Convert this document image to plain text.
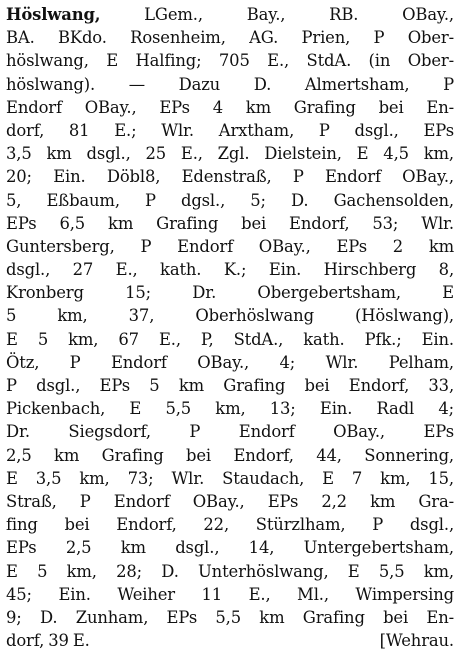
Höslwang, LGem., Bay., RB. OBay.,
BA. BKdo. Rosenheim, AG. Prien, P Ober-
höslwang, E Halfing; 705 E., StdA. (in Ober-
höslwang). — Dazu D. Almertsham, P
Endorf OBay., EPs 4 km Grafing bei En-
dorf, 81 E.; Wlr. Arxtham, P dsgl., EPs
3,5 km dsgl., 25 E., Zgl. Dielstein, E 4,5 km,
20; Ein. Döbl8, Edenstraß, P Endorf OBay.,
5, Eßbaum, P dgsl., 5; D. Gachensolden,
EPs 6,5 km Grafing bei Endorf, 53; Wlr.
Guntersberg, P Endorf OBay., EPs 2 km
dsgl., 27 E., kath. K.; Ein. Hirschberg 8,
Kronberg 15; Dr. Obergebertsham, E
5 km, 37, Oberhöslwang (Höslwang),
E 5 km, 67 E., P, StdA., kath. Pfk.; Ein.
Ötz, P Endorf OBay., 4; Wlr. Pelham,
P dsgl., EPs 5 km Grafing bei Endorf, 33,
Pickenbach, E 5,5 km, 13; Ein. Radl 4;
Dr. Siegsdorf, P Endorf OBay., EPs
2,5 km Grafing bei Endorf, 44, Sonnering,
E 3,5 km, 73; Wlr. Staudach, E 7 km, 15,
Straß, P Endorf OBay., EPs 2,2 km Gra-
fing bei Endorf, 22, Stürzlham, P dsgl.,
EPs 2,5 km dsgl., 14, Untergebertsham,
E 5 km, 28; D. Unterhöslwang, E 5,5 km,
45; Ein. Weiher 11 E., Ml., Wimpersing
9; D. Zunham, EPs 5,5 km Grafing bei En-
dorf, 39 E.	[Wehrau.
